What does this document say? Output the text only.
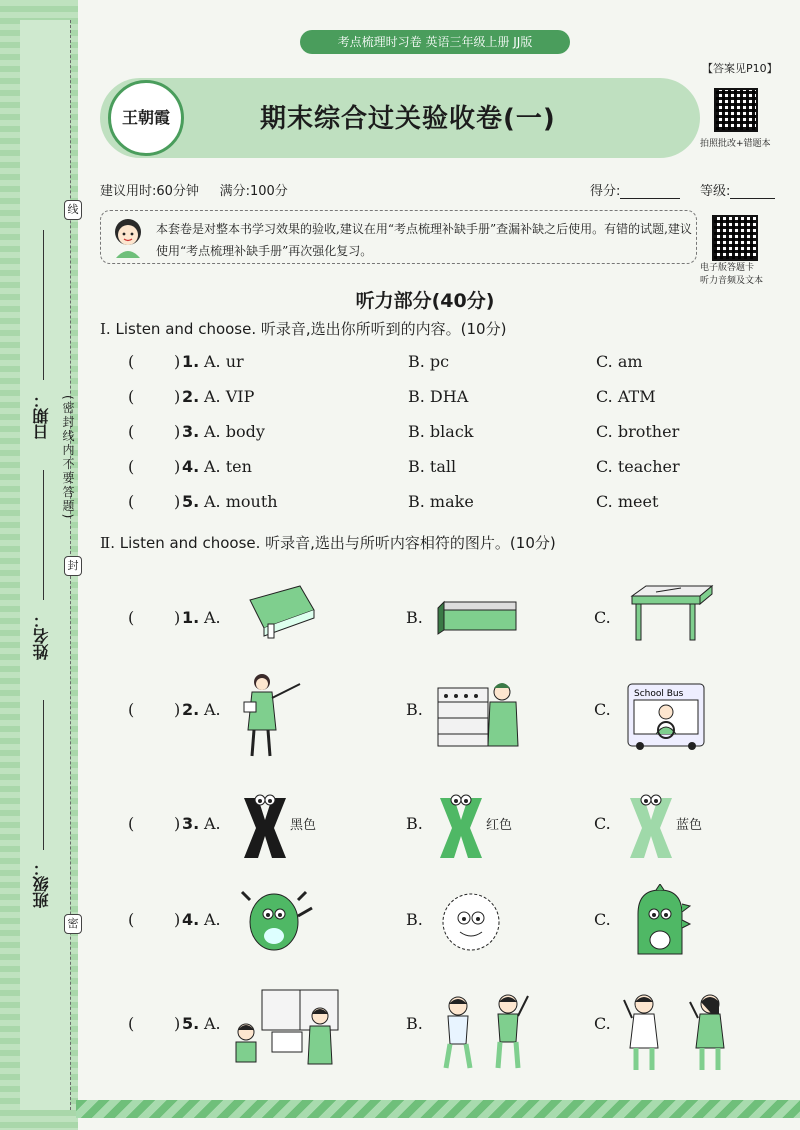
日期：
姓名：
班级：
线
封
密
(密封线内不要答题)
考点梳理时习卷 英语三年级上册 JJ版
【答案见P10】
王朝霞	期末综合过关验收卷(一)
拍照批改+错题本
建议用时:60分钟 满分:100分	得分:	等级:
本套卷是对整本书学习效果的验收,建议在用“考点梳理补缺手册”查漏补缺之后使用。有错的试题,建议使用“考点梳理补缺手册”再次强化复习。
电子版答题卡
听力音频及文本
听力部分(40分)
Ⅰ. Listen and choose. 听录音,选出你所听到的内容。(10分)
( ) 1. A. ur	B. pc	C. am
( ) 2. A. VIP	B. DHA	C. ATM
( ) 3. A. body	B. black	C. brother
( ) 4. A. ten	B. tall	C. teacher
( ) 5. A. mouth	B. make	C. meet
Ⅱ. Listen and choose. 听录音,选出与所听内容相符的图片。(10分)
( ) 1. A.	B.	C.
( ) 2. A.	B.	C.
School Bus
( ) 3. A.	B.	C.
黑色	红色	蓝色
( ) 4. A.	B.	C.
( ) 5. A.	B.	C.
